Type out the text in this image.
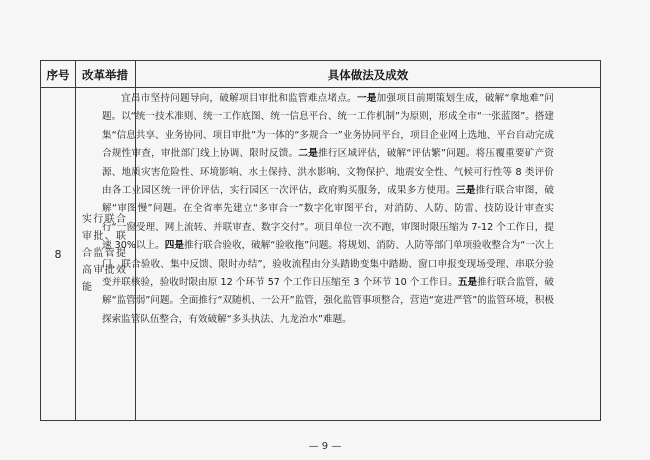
序号	改革举措	具体做法及成效
8
实行联合审批、联合监管提高审批效能
宜昌市坚持问题导向，破解项目审批和监管难点堵点。一是加强项目前期策划生成，破解“拿地难”问题。以“统一技术准则、统一工作底图、统一信息平台、统一工作机制”为原则，形成全市“一张蓝图”。搭建集“信息共享、业务协同、项目审批”为一体的“多规合一”业务协同平台，项目企业网上选地、平台自动完成合规性审查，审批部门线上协调、限时反馈。二是推行区域评估，破解“评估繁”问题。将压覆重要矿产资源、地质灾害危险性、环境影响、水土保持、洪水影响、文物保护、地震安全性、气候可行性等 8 类评价由各工业园区统一评价评估，实行园区一次评估，政府购买服务，成果多方使用。三是推行联合审图，破解“审图慢”问题。在全省率先建立“多审合一”数字化审图平台，对消防、人防、防雷、技防设计审查实行“一窗受理、网上流转、并联审查、数字交付”。项目单位一次不跑，审图时限压缩为 7-12 个工作日，提速 30%以上。四是推行联合验收，破解“验收拖”问题。将规划、消防、人防等部门单项验收整合为“一次上门、联合验收、集中反馈、限时办结”，验收流程由分头踏勘变集中踏勘、窗口申报变现场受理、串联分验变并联核验，验收时限由原 12 个环节 57 个工作日压缩至 3 个环节 10 个工作日。五是推行联合监管，破解“监管弱”问题。全面推行“双随机、一公开”监管，强化监管事项整合，营造“宽进严管”的监管环境，积极探索监管队伍整合，有效破解“多头执法、九龙治水”难题。
— 9 —
